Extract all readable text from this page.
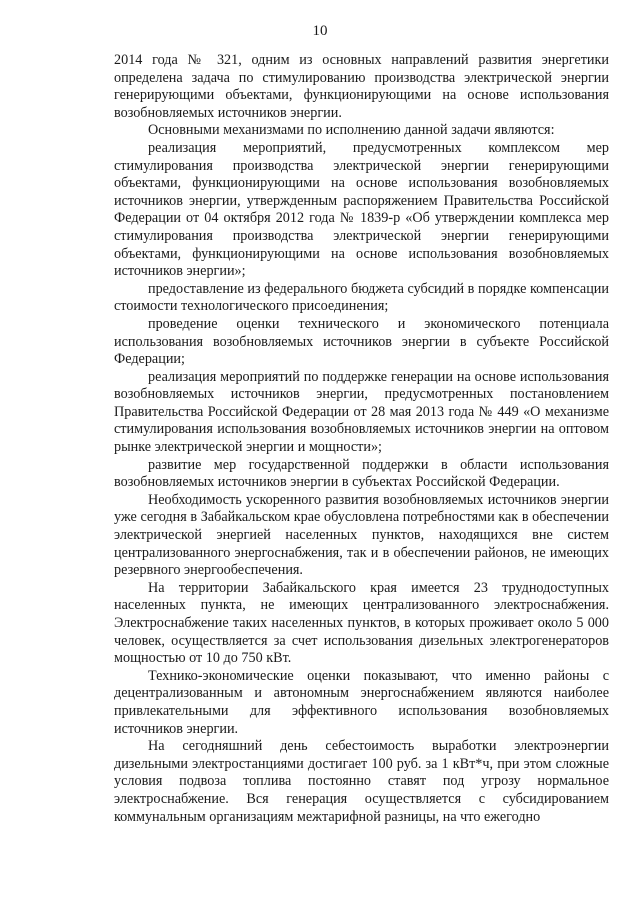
10

2014 года № 321, одним из основных направлений развития энергетики определена задача по стимулированию производства электрической энергии генерирующими объектами, функционирующими на основе использования возобновляемых источников энергии.

Основными механизмами по исполнению данной задачи являются:

реализация мероприятий, предусмотренных комплексом мер стимулирования производства электрической энергии генерирующими объектами, функционирующими на основе использования возобновляемых источников энергии, утвержденным распоряжением Правительства Российской Федерации от 04 октября 2012 года № 1839-р «Об утверждении комплекса мер стимулирования производства электрической энергии генерирующими объектами, функционирующими на основе использования возобновляемых источников энергии»;

предоставление из федерального бюджета субсидий в порядке компенсации стоимости технологического присоединения;

проведение оценки технического и экономического потенциала использования возобновляемых источников энергии в субъекте Российской Федерации;

реализация мероприятий по поддержке генерации на основе использования возобновляемых источников энергии, предусмотренных постановлением Правительства Российской Федерации от 28 мая 2013 года № 449 «О механизме стимулирования использования возобновляемых источников энергии на оптовом рынке электрической энергии и мощности»;

развитие мер государственной поддержки в области использования возобновляемых источников энергии в субъектах Российской Федерации.

Необходимость ускоренного развития возобновляемых источников энергии уже сегодня в Забайкальском крае обусловлена потребностями как в обеспечении электрической энергией населенных пунктов, находящихся вне систем централизованного энергоснабжения, так и в обеспечении районов, не имеющих резервного энергообеспечения.

На территории Забайкальского края имеется 23 труднодоступных населенных пункта, не имеющих централизованного электроснабжения. Электроснабжение таких населенных пунктов, в которых проживает около 5 000 человек, осуществляется за счет использования дизельных электрогенераторов мощностью от 10 до 750 кВт.

Технико-экономические оценки показывают, что именно районы с децентрализованным и автономным энергоснабжением являются наиболее привлекательными для эффективного использования возобновляемых источников энергии.

На сегодняшний день себестоимость выработки электроэнергии дизельными электростанциями достигает 100 руб. за 1 кВт*ч, при этом сложные условия подвоза топлива постоянно ставят под угрозу нормальное электроснабжение. Вся генерация осуществляется с субсидированием коммунальным организациям межтарифной разницы, на что ежегодно
